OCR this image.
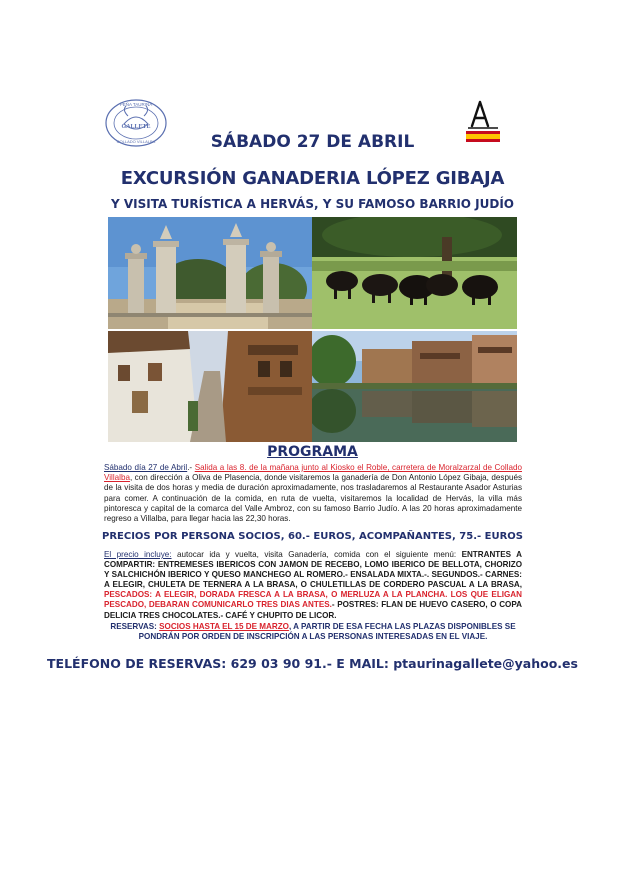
GALLETE
COLLADO VILLALBA
PEÑA TAURINA
SÁBADO 27 DE ABRIL
EXCURSIÓN GANADERIA LÓPEZ GIBAJA
Y VISITA TURÍSTICA A HERVÁS, Y SU FAMOSO BARRIO JUDÍO
PROGRAMA

Sábado día 27 de Abril.- Salida a las 8. de la mañana junto al Kiosko el Roble, carretera de Moralzarzal de Collado Villalba, con dirección a Oliva de Plasencia, donde visitaremos la ganadería de Don Antonio López Gibaja, después de la visita de dos horas y media de duración aproximadamente, nos trasladaremos al Restaurante Asador Asturias para comer. A continuación de la comida, en ruta de vuelta, visitaremos la localidad de Hervás, la villa más pintoresca y capital de la comarca del Valle Ambroz, con su famoso Barrio Judío. A las 20 horas aproximadamente regreso a Villalba, para llegar hacia las 22,30 horas.

PRECIOS POR PERSONA SOCIOS, 60.- EUROS, ACOMPAÑANTES, 75.- EUROS

El precio incluye: autocar ida y vuelta, visita Ganadería, comida con el siguiente menú: ENTRANTES A COMPARTIR: ENTREMESES IBERICOS CON JAMON DE RECEBO, LOMO IBERICO DE BELLOTA, CHORIZO Y SALCHICHÓN IBERICO Y QUESO MANCHEGO AL ROMERO.- ENSALADA MIXTA.-. SEGUNDOS.- CARNES: A ELEGIR, CHULETA DE TERNERA A LA BRASA, O CHULETILLAS DE CORDERO PASCUAL A LA BRASA, PESCADOS: A ELEGIR, DORADA FRESCA A LA BRASA, O MERLUZA A LA PLANCHA. LOS QUE ELIGAN PESCADO, DEBARAN COMUNICARLO TRES DIAS ANTES.- POSTRES: FLAN DE HUEVO CASERO, O COPA DELICIA TRES CHOCOLATES.- CAFÉ Y CHUPITO DE LICOR.

RESERVAS: SOCIOS HASTA EL 15 DE MARZO, A PARTIR DE ESA FECHA LAS PLAZAS DISPONIBLES SE PONDRÁN POR ORDEN DE INSCRIPCIÓN A LAS PERSONAS INTERESADAS EN EL VIAJE.

TELÉFONO DE RESERVAS: 629 03 90 91.- E MAIL: ptaurinagallete@yahoo.es
